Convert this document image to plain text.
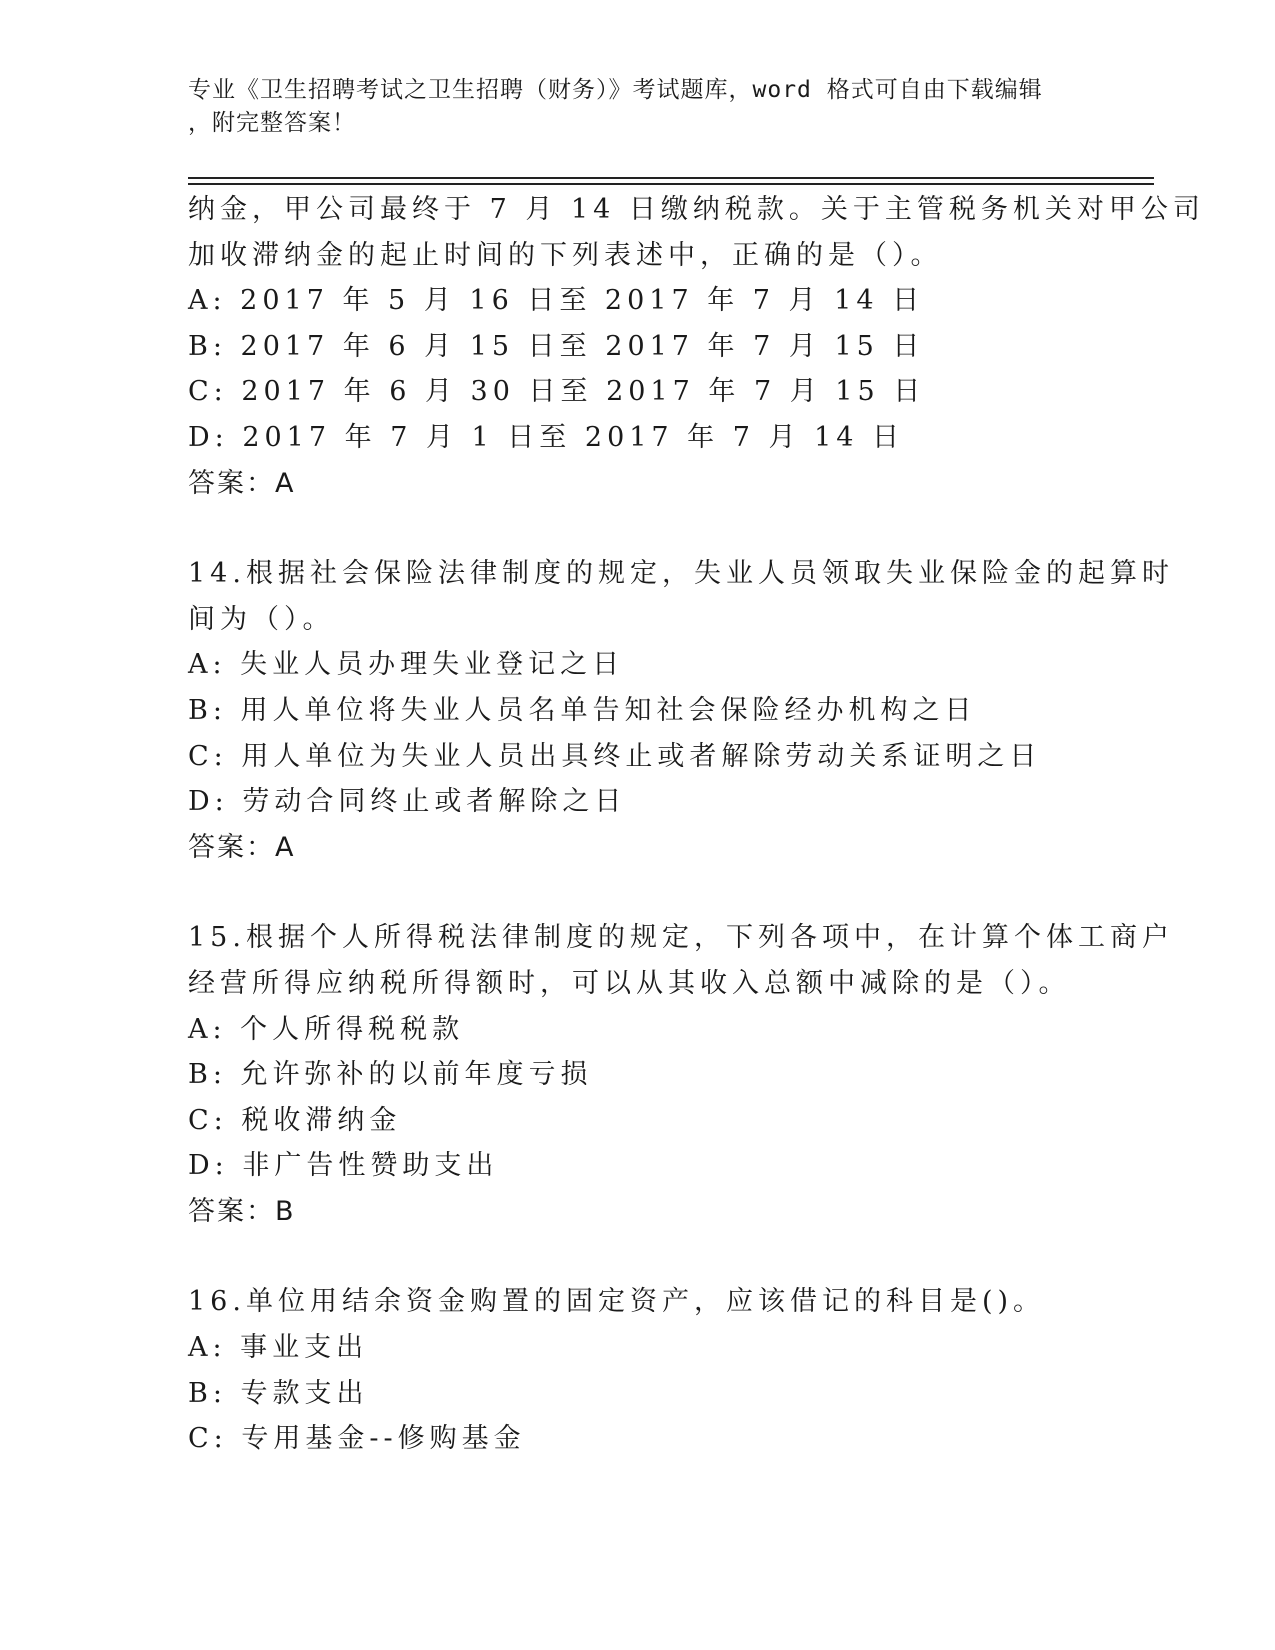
专业《卫生招聘考试之卫生招聘（财务）》考试题库，word 格式可自由下载编辑
，附完整答案！
纳金，甲公司最终于 7 月 14 日缴纳税款。关于主管税务机关对甲公司
加收滞纳金的起止时间的下列表述中，正确的是（）。
A: 2017 年 5 月 16 日至 2017 年 7 月 14 日
B: 2017 年 6 月 15 日至 2017 年 7 月 15 日
C: 2017 年 6 月 30 日至 2017 年 7 月 15 日
D: 2017 年 7 月 1 日至 2017 年 7 月 14 日
答案：A
14.根据社会保险法律制度的规定，失业人员领取失业保险金的起算时
间为（）。
A: 失业人员办理失业登记之日
B: 用人单位将失业人员名单告知社会保险经办机构之日
C: 用人单位为失业人员出具终止或者解除劳动关系证明之日
D: 劳动合同终止或者解除之日
答案：A
15.根据个人所得税法律制度的规定，下列各项中，在计算个体工商户
经营所得应纳税所得额时，可以从其收入总额中减除的是（）。
A: 个人所得税税款
B: 允许弥补的以前年度亏损
C: 税收滞纳金
D: 非广告性赞助支出
答案：B
16.单位用结余资金购置的固定资产，应该借记的科目是()。
A: 事业支出
B: 专款支出
C: 专用基金--修购基金
